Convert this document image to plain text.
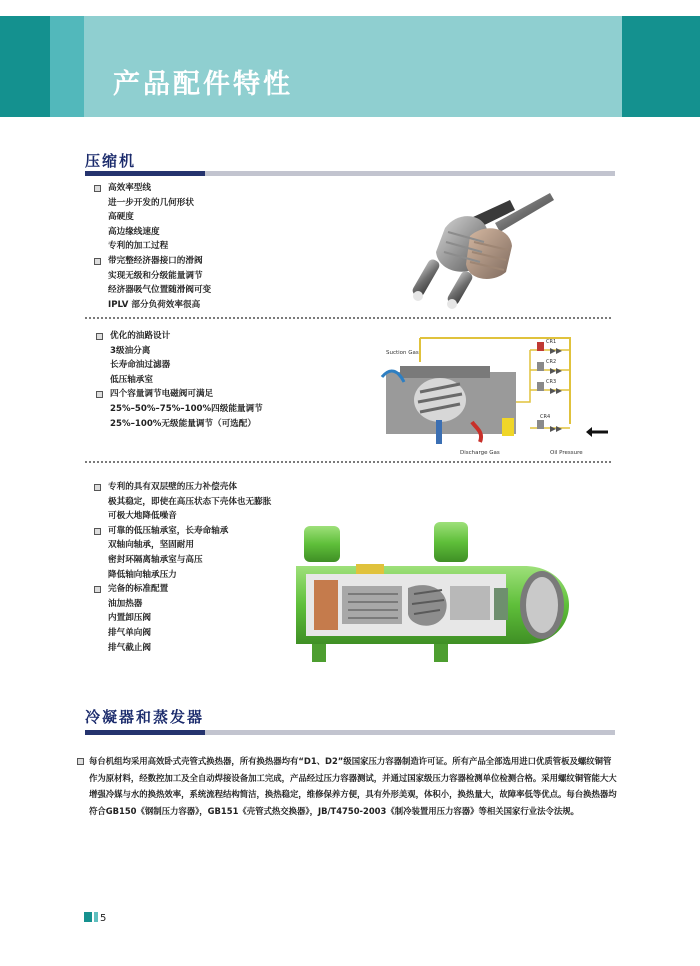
产品配件特性
压缩机
高效率型线
进一步开发的几何形状
高硬度
高边缘线速度
专利的加工过程
带完整经济器接口的滑阀
实现无级和分级能量调节
经济器吸气位置随滑阀可变
IPLV 部分负荷效率很高
优化的油路设计
3级油分离
长寿命油过滤器
低压轴承室
四个容量调节电磁阀可满足
25%–50%–75%–100%四级能量调节
25%–100%无级能量调节（可选配）
Suction Gas
Discharge Gas	Oil Pressure
CR1
CR2
CR3
CR4
专利的具有双层壁的压力补偿壳体
极其稳定，即使在高压状态下壳体也无膨胀
可极大地降低噪音
可靠的低压轴承室，长寿命轴承
双轴向轴承，坚固耐用
密封环隔离轴承室与高压
降低轴向轴承压力
完备的标准配置
油加热器
内置卸压阀
排气单向阀
排气截止阀
冷凝器和蒸发器

每台机组均采用高效卧式壳管式换热器，所有换热器均有“D1、D2”级国家压力容器制造许可证。所有产品全部选用进口优质管板及螺纹铜管作为原材料，经数控加工及全自动焊接设备加工完成，产品经过压力容器测试，并通过国家级压力容器检测单位检测合格。采用螺纹铜管能大大增强冷媒与水的换热效率，系统流程结构简洁，换热稳定，维修保养方便，具有外形美观，体积小，换热量大，故障率低等优点。每台换热器均符合GB150《钢制压力容器》，GB151《壳管式热交换器》，JB/T4750-2003《制冷装置用压力容器》等相关国家行业法令法规。

5
